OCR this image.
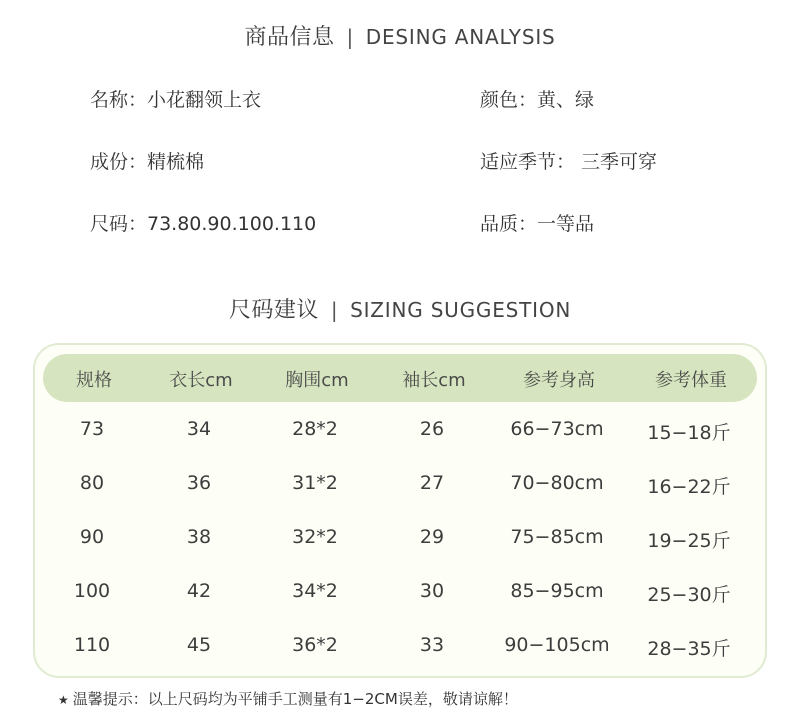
商品信息 | DESING ANALYSIS
名称：小花翻领上衣	颜色：黄、绿
成份：精梳棉	适应季节： 三季可穿
尺码：73.80.90.100.110	品质：一等品
尺码建议 | SIZING SUGGESTION
规格	衣长cm	胸围cm	袖长cm	参考身高	参考体重
73	34	28*2	26	66−73cm 15−18斤
80	36	31*2	27	70−80cm 16−22斤
90	38	32*2	29	75−85cm 19−25斤
100	42	34*2	30	85−95cm 25−30斤
110	45	36*2	33	90−105cm 28−35斤
★ 温馨提示：以上尺码均为平铺手工测量有1−2CM误差，敬请谅解！
